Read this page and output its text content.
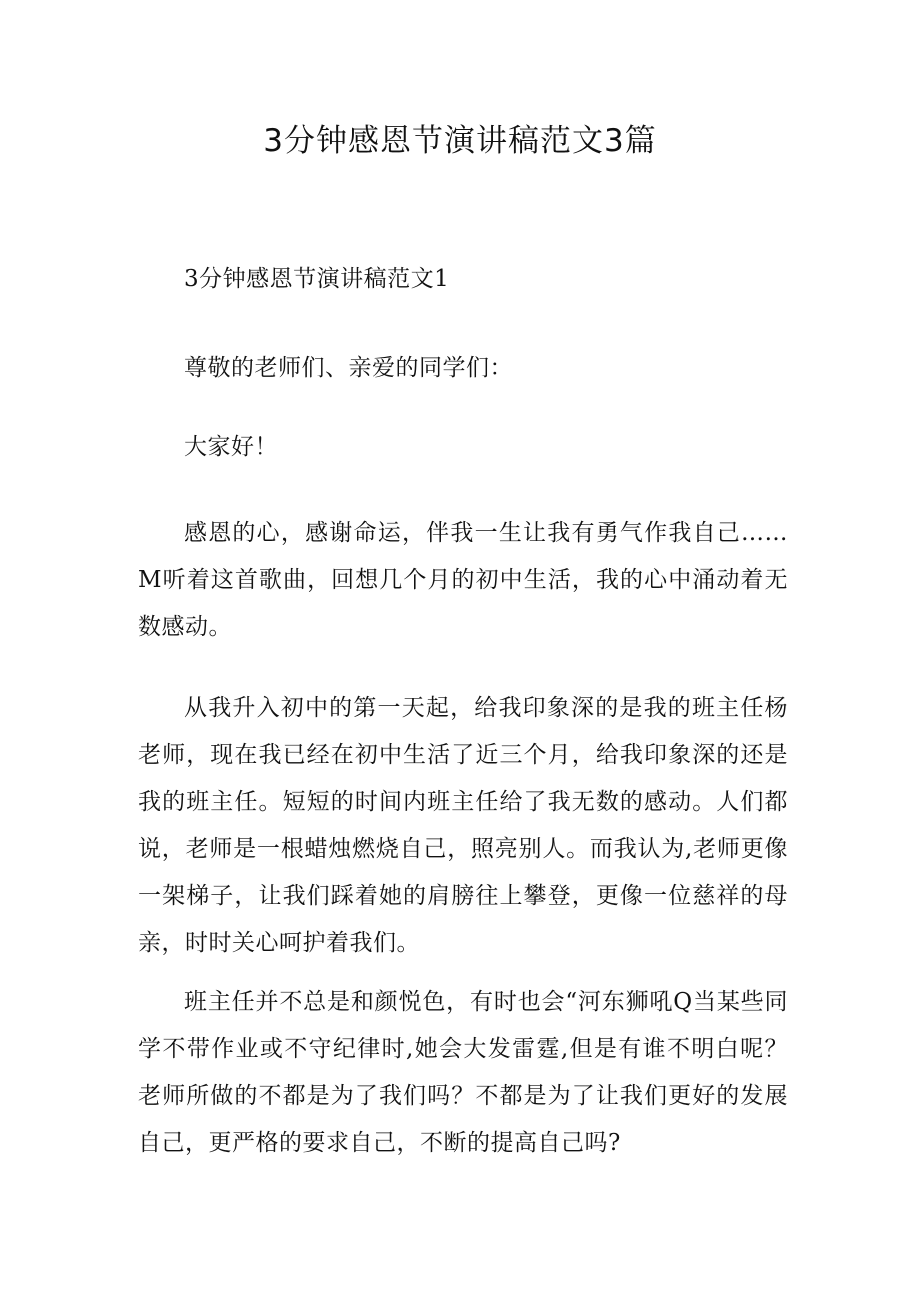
3分钟感恩节演讲稿范文3篇

3分钟感恩节演讲稿范文1

尊敬的老师们、亲爱的同学们：

大家好！

感恩的心，感谢命运，伴我一生让我有勇气作我自己……M听着这首歌曲，回想几个月的初中生活，我的心中涌动着无数感动。

从我升入初中的第一天起，给我印象深的是我的班主任杨老师，现在我已经在初中生活了近三个月，给我印象深的还是我的班主任。短短的时间内班主任给了我无数的感动。人们都说，老师是一根蜡烛燃烧自己，照亮别人。而我认为,老师更像一架梯子，让我们踩着她的肩膀往上攀登，更像一位慈祥的母亲，时时关心呵护着我们。

班主任并不总是和颜悦色，有时也会“河东狮吼Q当某些同学不带作业或不守纪律时,她会大发雷霆,但是有谁不明白呢？老师所做的不都是为了我们吗？不都是为了让我们更好的发展自己，更严格的要求自己，不断的提高自己吗?
